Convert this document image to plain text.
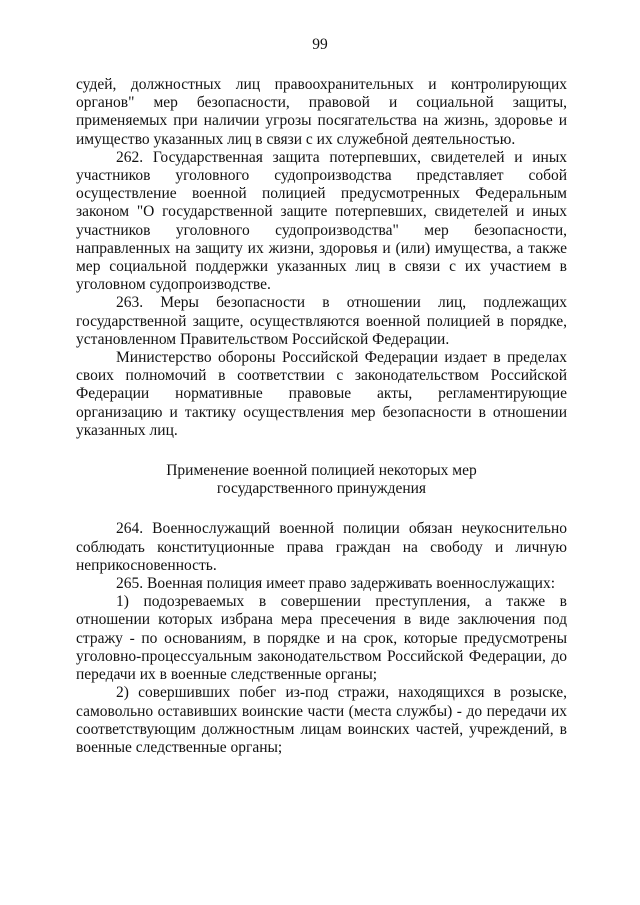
99

судей, должностных лиц правоохранительных и контролирующих органов" мер безопасности, правовой и социальной защиты, применяемых при наличии угрозы посягательства на жизнь, здоровье и имущество указанных лиц в связи с их служебной деятельностью.

262. Государственная защита потерпевших, свидетелей и иных участников уголовного судопроизводства представляет собой осуществление военной полицией предусмотренных Федеральным законом "О государственной защите потерпевших, свидетелей и иных участников уголовного судопроизводства" мер безопасности, направленных на защиту их жизни, здоровья и (или) имущества, а также мер социальной поддержки указанных лиц в связи с их участием в уголовном судопроизводстве.

263. Меры безопасности в отношении лиц, подлежащих государственной защите, осуществляются военной полицией в порядке, установленном Правительством Российской Федерации.

Министерство обороны Российской Федерации издает в пределах своих полномочий в соответствии с законодательством Российской Федерации нормативные правовые акты, регламентирующие организацию и тактику осуществления мер безопасности в отношении указанных лиц.

Применение военной полицией некоторых мер
государственного принуждения

264. Военнослужащий военной полиции обязан неукоснительно соблюдать конституционные права граждан на свободу и личную неприкосновенность.

265. Военная полиция имеет право задерживать военнослужащих:

1) подозреваемых в совершении преступления, а также в отношении которых избрана мера пресечения в виде заключения под стражу - по основаниям, в порядке и на срок, которые предусмотрены уголовно-процессуальным законодательством Российской Федерации, до передачи их в военные следственные органы;

2) совершивших побег из-под стражи, находящихся в розыске, самовольно оставивших воинские части (места службы) - до передачи их соответствующим должностным лицам воинских частей, учреждений, в военные следственные органы;
